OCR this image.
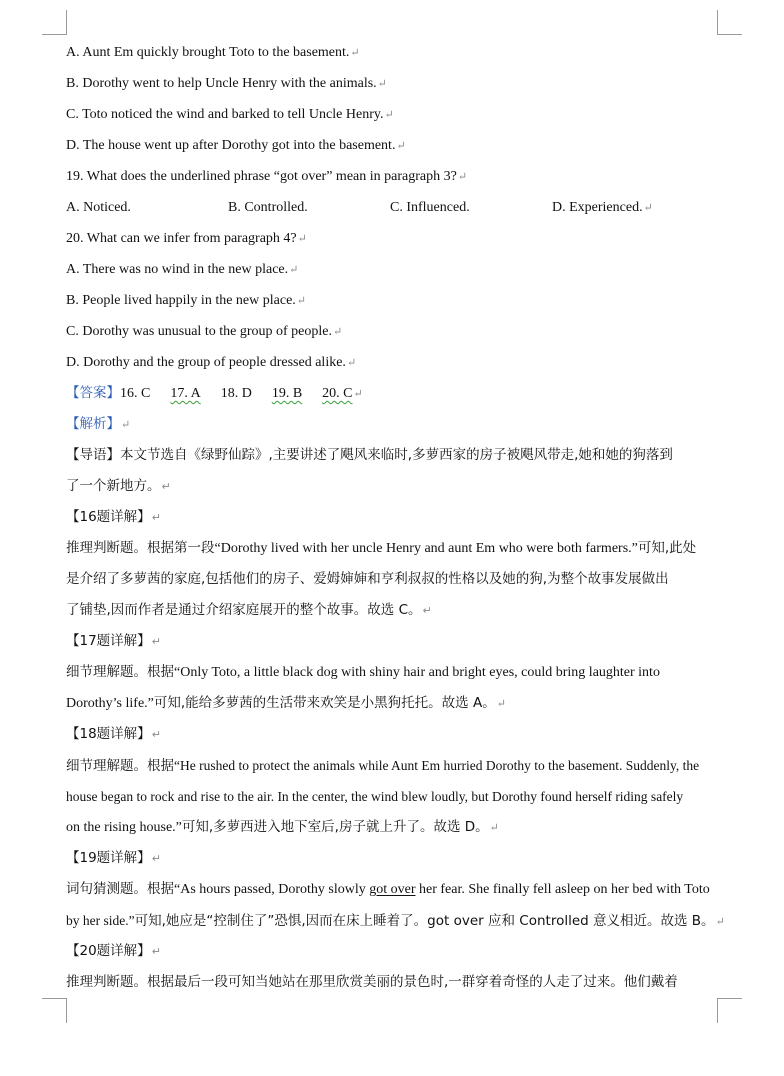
A. Aunt Em quickly brought Toto to the basement.↵
B. Dorothy went to help Uncle Henry with the animals.↵
C. Toto noticed the wind and barked to tell Uncle Henry.↵
D. The house went up after Dorothy got into the basement.↵
19. What does the underlined phrase “got over” mean in paragraph 3?↵
A. Noticed.	B. Controlled.	C. Influenced.	D. Experienced.↵
20. What can we infer from paragraph 4?↵
A. There was no wind in the new place.↵
B. People lived happily in the new place.↵
C. Dorothy was unusual to the group of people.↵
D. Dorothy and the group of people dressed alike.↵
【答案】16. C 17. A 18. D 19. B 20. C↵
【解析】↵
【导语】本文节选自《绿野仙踪》,主要讲述了飓风来临时,多萝西家的房子被飓风带走,她和她的狗落到
了一个新地方。↵
【16题详解】↵
推理判断题。根据第一段“Dorothy lived with her uncle Henry and aunt Em who were both farmers.”可知,此处
是介绍了多萝茜的家庭,包括他们的房子、爱姆婶婶和亨利叔叔的性格以及她的狗,为整个故事发展做出
了铺垫,因而作者是通过介绍家庭展开的整个故事。故选 C。↵
【17题详解】↵
细节理解题。根据“Only Toto, a little black dog with shiny hair and bright eyes, could bring laughter into
Dorothy’s life.”可知,能给多萝茜的生活带来欢笑是小黑狗托托。故选 A。↵
【18题详解】↵
细节理解题。根据“He rushed to protect the animals while Aunt Em hurried Dorothy to the basement. Suddenly, the
house began to rock and rise to the air. In the center, the wind blew loudly, but Dorothy found herself riding safely
on the rising house.”可知,多萝西进入地下室后,房子就上升了。故选 D。↵
【19题详解】↵
词句猜测题。根据“As hours passed, Dorothy slowly got over her fear. She finally fell asleep on her bed with Toto
by her side.”可知,她应是“控制住了”恐惧,因而在床上睡着了。got over 应和 Controlled 意义相近。故选 B。↵
【20题详解】↵
推理判断题。根据最后一段可知当她站在那里欣赏美丽的景色时,一群穿着奇怪的人走了过来。他们戴着
